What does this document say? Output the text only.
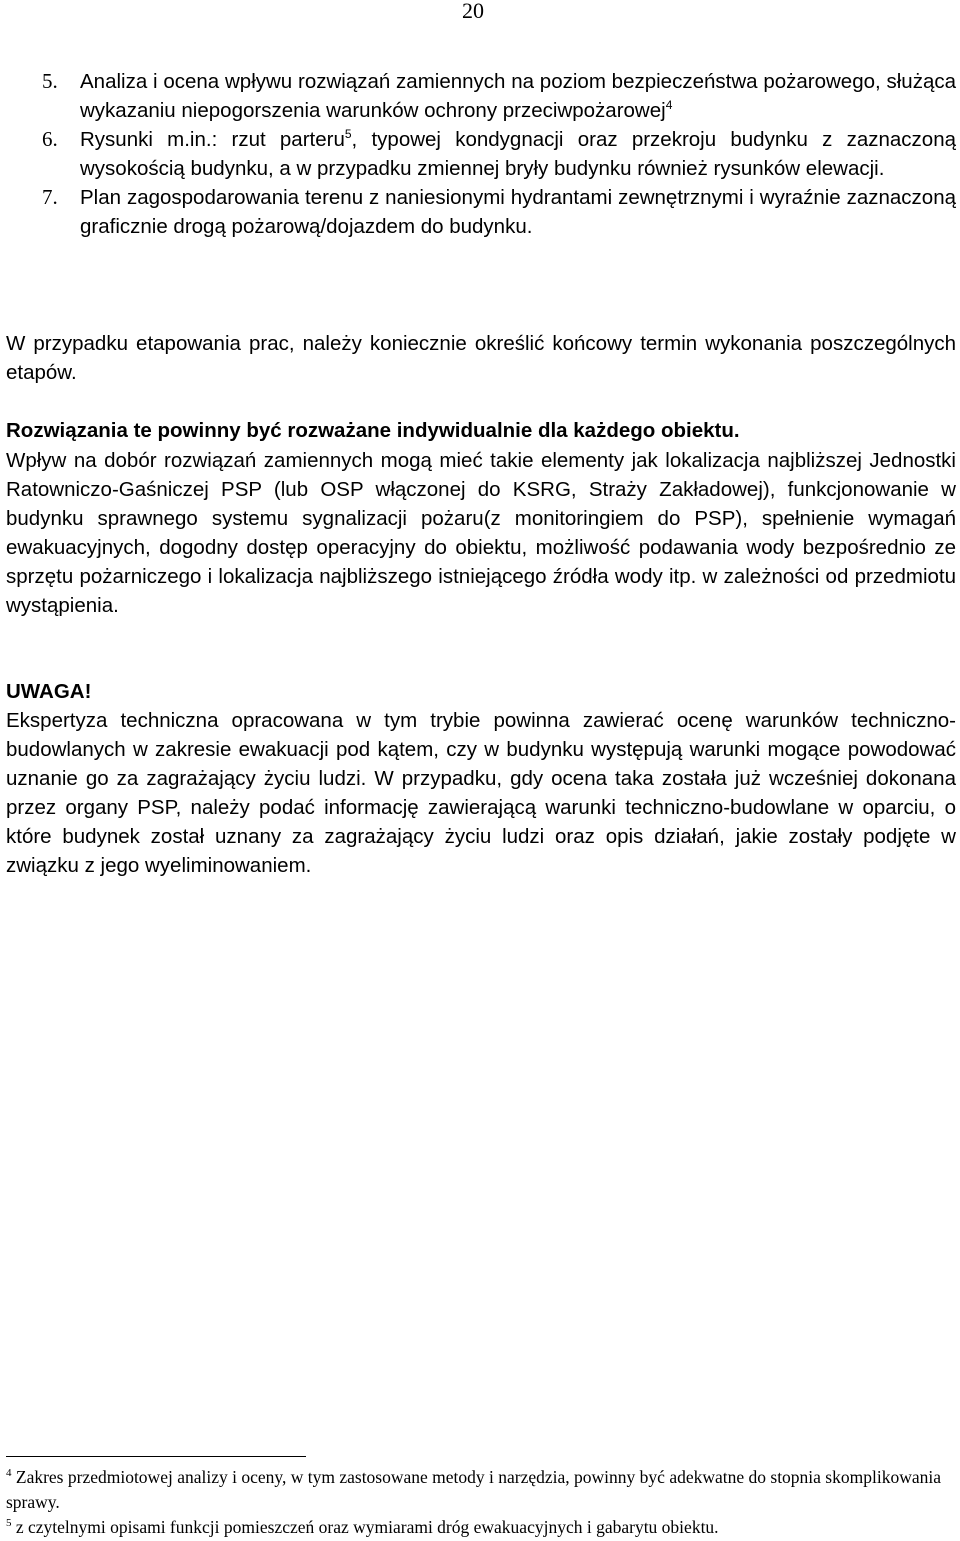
20
5.	Analiza i ocena wpływu rozwiązań zamiennych na poziom bezpieczeństwa pożarowego, służąca wykazaniu niepogorszenia warunków ochrony przeciwpożarowej$^4$
6.	Rysunki m.in.: rzut parteru$^5$, typowej kondygnacji oraz przekroju budynku z zaznaczoną wysokością budynku, a w przypadku zmiennej bryły budynku również rysunków elewacji.
7.	Plan zagospodarowania terenu z naniesionymi hydrantami zewnętrznymi i wyraźnie zaznaczoną graficznie drogą pożarową/dojazdem do budynku.
W przypadku etapowania prac, należy koniecznie określić końcowy termin wykonania poszczególnych etapów.
Rozwiązania te powinny być rozważane indywidualnie dla każdego obiektu.
Wpływ na dobór rozwiązań zamiennych mogą mieć takie elementy jak lokalizacja najbliższej Jednostki Ratowniczo-Gaśniczej PSP (lub OSP włączonej do KSRG, Straży Zakładowej), funkcjonowanie w budynku sprawnego systemu sygnalizacji pożaru(z monitoringiem do PSP), spełnienie wymagań ewakuacyjnych, dogodny dostęp operacyjny do obiektu, możliwość podawania wody bezpośrednio ze sprzętu pożarniczego i lokalizacja najbliższego istniejącego źródła wody itp. w zależności od przedmiotu wystąpienia.
UWAGA!
Ekspertyza techniczna opracowana w tym trybie powinna zawierać ocenę warunków techniczno-budowlanych w zakresie ewakuacji pod kątem, czy w budynku występują warunki mogące powodować uznanie go za zagrażający życiu ludzi. W przypadku, gdy ocena taka została już wcześniej dokonana przez organy PSP, należy podać informację zawierającą warunki techniczno-budowlane w oparciu, o które budynek został uznany za zagrażający życiu ludzi oraz opis działań, jakie zostały podjęte w związku z jego wyeliminowaniem.
$^4$ Zakres przedmiotowej analizy i oceny, w tym zastosowane metody i narzędzia, powinny być adekwatne do stopnia skomplikowania sprawy.
$^5$ z czytelnymi opisami funkcji pomieszczeń oraz wymiarami dróg ewakuacyjnych i gabarytu obiektu.
